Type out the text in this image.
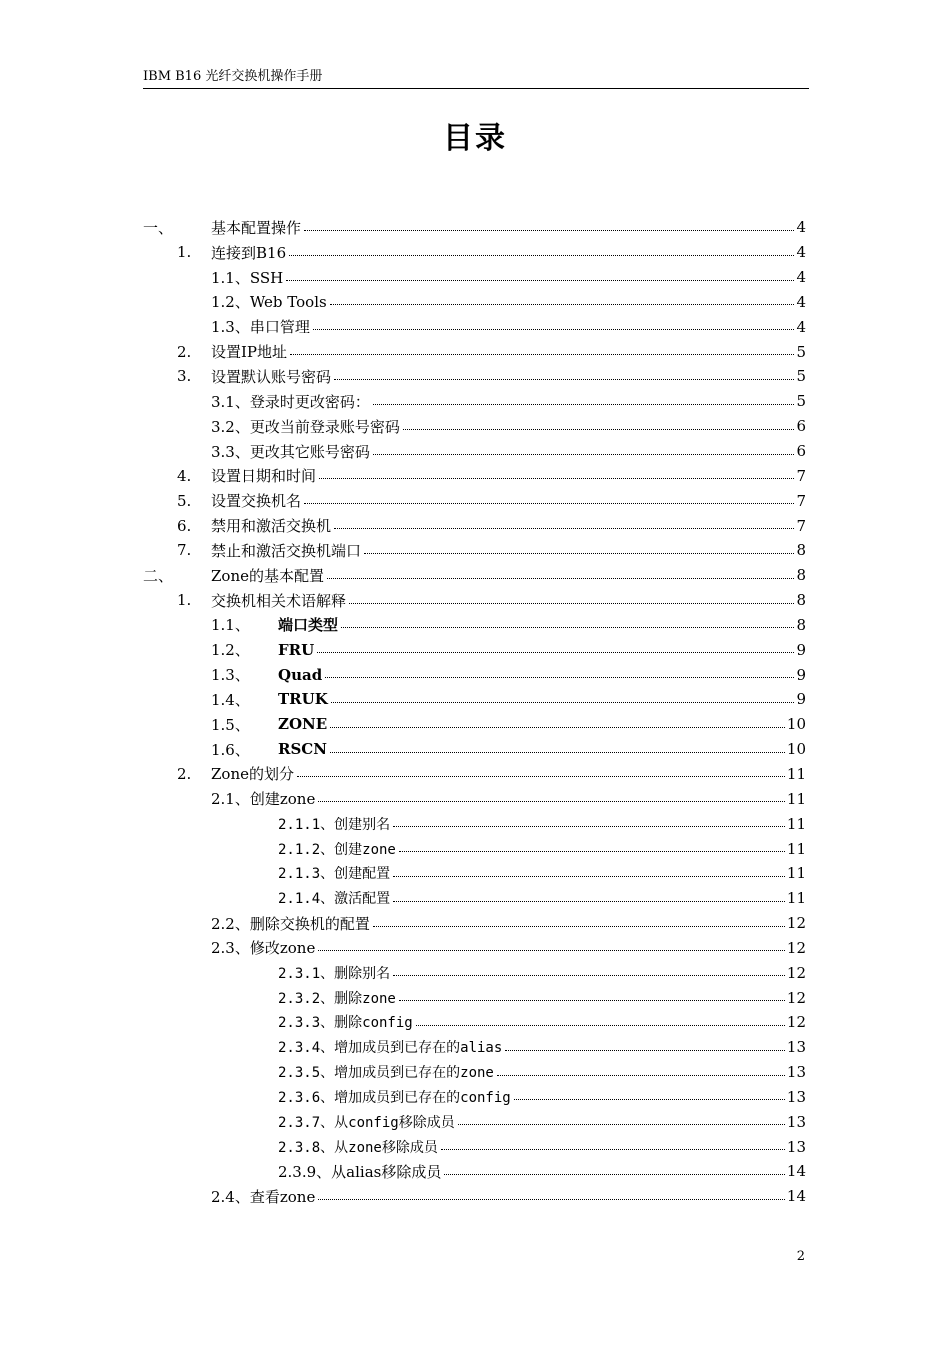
IBM B16 光纤交换机操作手册
目录
一、	基本配置操作	4
1.	连接到B16	4
1.1、SSH	4
1.2、Web Tools	4
1.3、串口管理	4
2.	设置IP地址	5
3.	设置默认账号密码	5
3.1、登录时更改密码：	5
3.2、更改当前登录账号密码	6
3.3、更改其它账号密码	6
4.	设置日期和时间	7
5.	设置交换机名	7
6.	禁用和激活交换机	7
7.	禁止和激活交换机端口	8
二、	Zone的基本配置	8
1.	交换机相关术语解释	8
1.1、	端口类型	8
1.2、	FRU	9
1.3、	Quad	9
1.4、	TRUK	9
1.5、	ZONE	10
1.6、	RSCN	10
2.	Zone的划分	11
2.1、创建zone	11
2.1.1、创建别名	11
2.1.2、创建zone	11
2.1.3、创建配置	11
2.1.4、激活配置	11
2.2、删除交换机的配置	12
2.3、修改zone	12
2.3.1、删除别名	12
2.3.2、删除zone	12
2.3.3、删除config	12
2.3.4、增加成员到已存在的alias	13
2.3.5、增加成员到已存在的zone	13
2.3.6、增加成员到已存在的config	13
2.3.7、从config移除成员	13
2.3.8、从zone移除成员	13
2.3.9、从alias移除成员	14
2.4、查看zone	14
2
